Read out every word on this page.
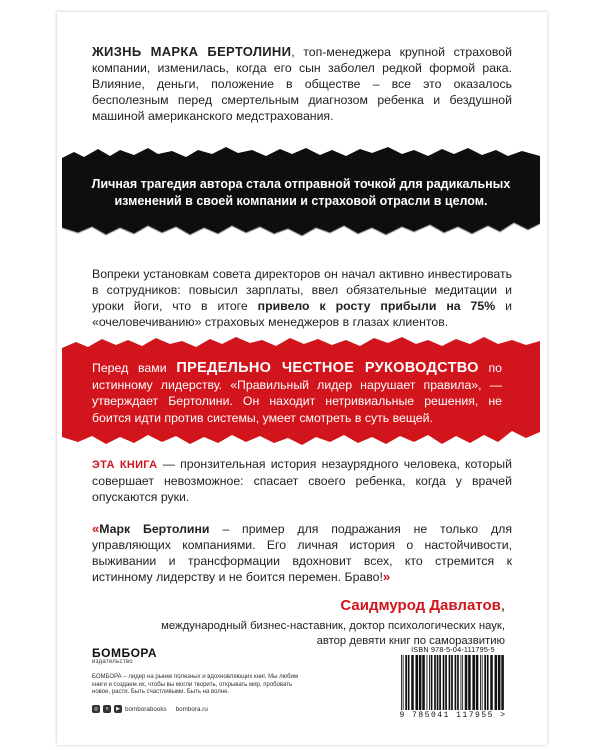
ЖИЗНЬ МАРКА БЕРТОЛИНИ, топ-менеджера крупной страховой компании, изменилась, когда его сын заболел редкой формой рака. Влияние, деньги, положение в обществе – все это оказалось бесполезным перед смертельным диагнозом ребенка и бездушной машиной американского медстрахования.

Личная трагедия автора стала отправной точкой для радикальных изменений в своей компании и страховой отрасли в целом.

Вопреки установкам совета директоров он начал активно инвестировать в сотрудников: повысил зарплаты, ввел обязательные медитации и уроки йоги, что в итоге привело к росту прибыли на 75% и «очеловечиванию» страховых менеджеров в глазах клиентов.

Перед вами ПРЕДЕЛЬНО ЧЕСТНОЕ РУКОВОДСТВО по истинному лидерству. «Правильный лидер нарушает правила», — утверждает Бертолини. Он находит нетривиальные решения, не боится идти против системы, умеет смотреть в суть вещей.

ЭТА КНИГА — пронзительная история незаурядного человека, который совершает невозможное: спасает своего ребенка, когда у врачей опускаются руки.

«Марк Бертолини – пример для подражания не только для управляющих компаниями. Его личная история о настойчивости, выживании и трансформации вдохновит всех, кто стремится к истинному лидерству и не боится перемен. Браво!»

Саидмурод Давлатов,
международный бизнес-наставник, доктор психологических наук,
автор девяти книг по саморазвитию
БОМБОРА
издательство

БОМБОРА – лидер на рынке полезных и вдохновляющих книг. Мы любим книги и создаем их, чтобы вы могли творить, открывать мир, пробовать новое, расти. Быть счастливыми. Быть на волне.

◎	v	▶ bomborabooks bombora.ru
ISBN 978-5-04-111795-5
9 785041 117955 >
